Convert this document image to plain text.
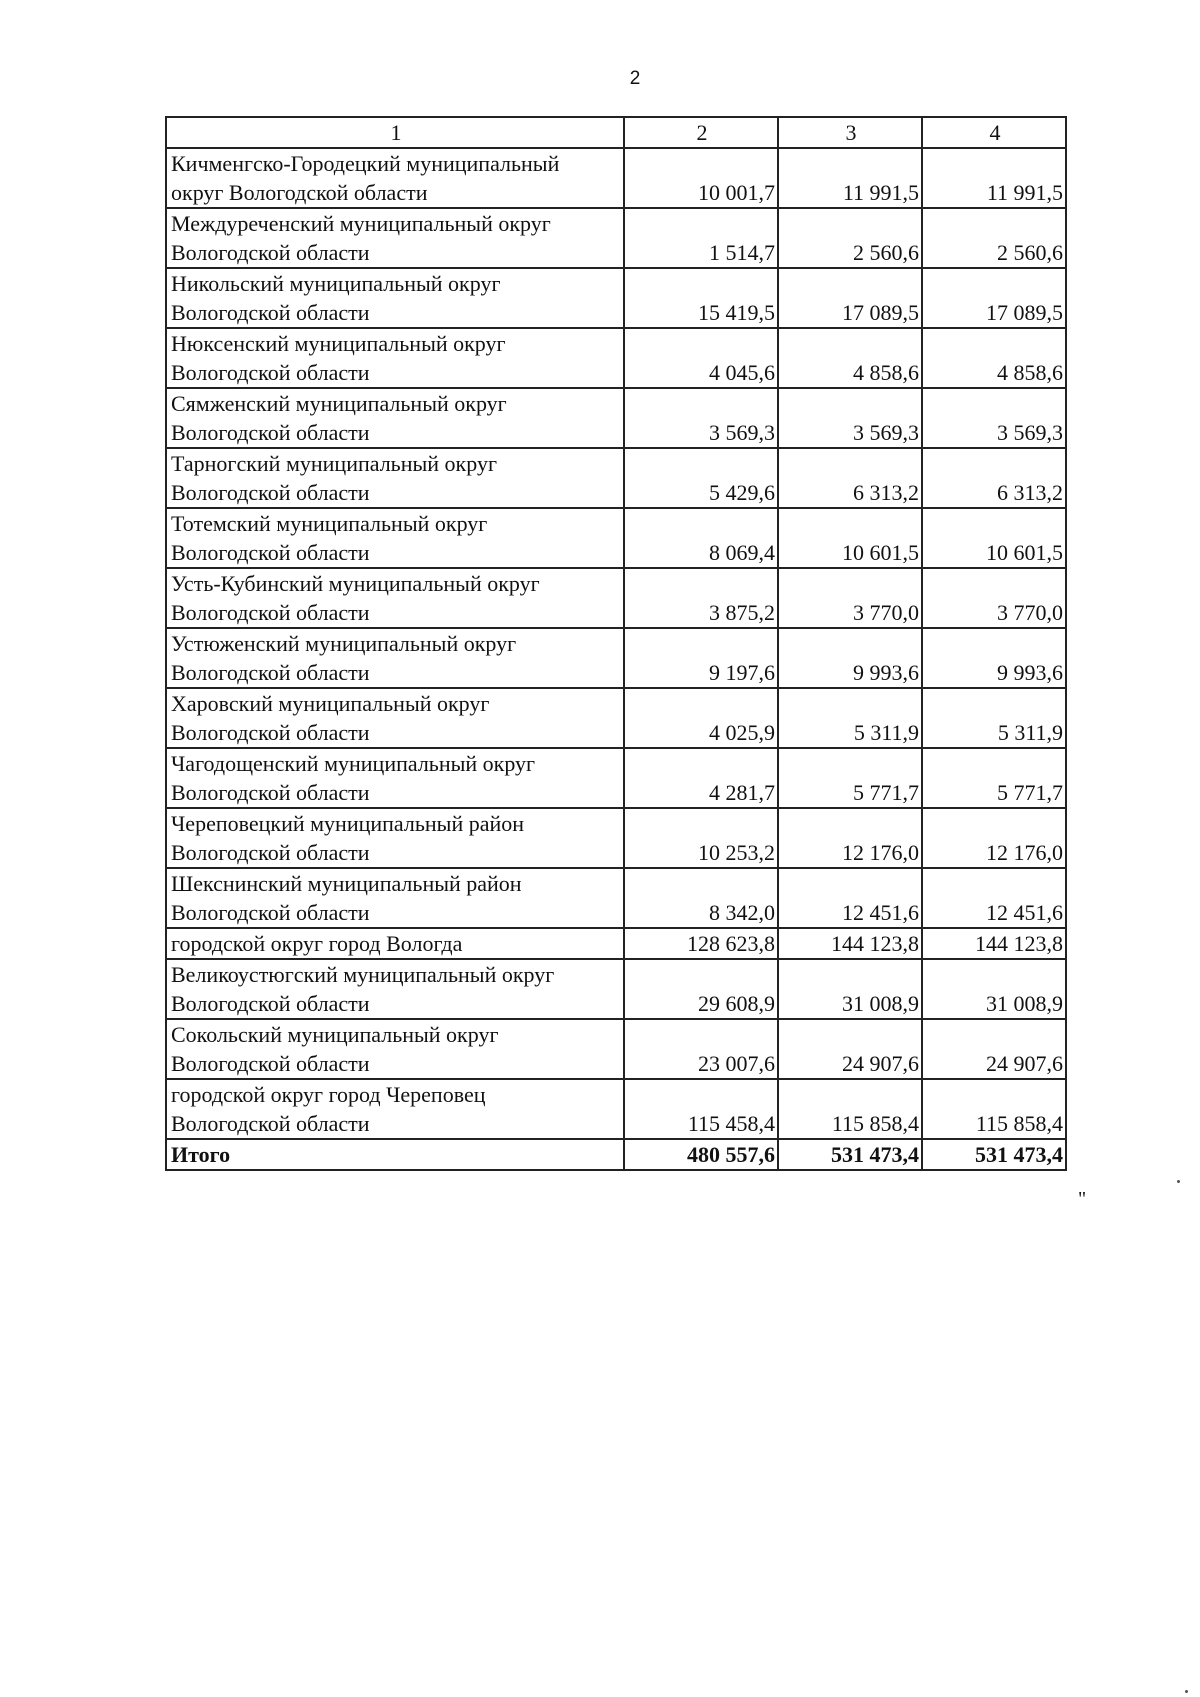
2
1	2	3	4
Кичменгско-Городецкий муниципальный
округ Вологодской области	10 001,7	11 991,5	11 991,5
Междуреченский муниципальный округ
Вологодской области	1 514,7	2 560,6	2 560,6
Никольский муниципальный округ
Вологодской области	15 419,5	17 089,5	17 089,5
Нюксенский муниципальный округ
Вологодской области	4 045,6	4 858,6	4 858,6
Сямженский муниципальный округ
Вологодской области	3 569,3	3 569,3	3 569,3
Тарногский муниципальный округ
Вологодской области	5 429,6	6 313,2	6 313,2
Тотемский муниципальный округ
Вологодской области	8 069,4	10 601,5	10 601,5
Усть-Кубинский муниципальный округ
Вологодской области	3 875,2	3 770,0	3 770,0
Устюженский муниципальный округ
Вологодской области	9 197,6	9 993,6	9 993,6
Харовский муниципальный округ
Вологодской области	4 025,9	5 311,9	5 311,9
Чагодощенский муниципальный округ
Вологодской области	4 281,7	5 771,7	5 771,7
Череповецкий муниципальный район
Вологодской области	10 253,2	12 176,0	12 176,0
Шекснинский муниципальный район
Вологодской области	8 342,0	12 451,6	12 451,6
городской округ город Вологда	128 623,8	144 123,8	144 123,8
Великоустюгский муниципальный округ
Вологодской области	29 608,9	31 008,9	31 008,9
Сокольский муниципальный округ
Вологодской области	23 007,6	24 907,6	24 907,6
городской округ город Череповец
Вологодской области	115 458,4	115 858,4	115 858,4
Итого	480 557,6	531 473,4	531 473,4
"
